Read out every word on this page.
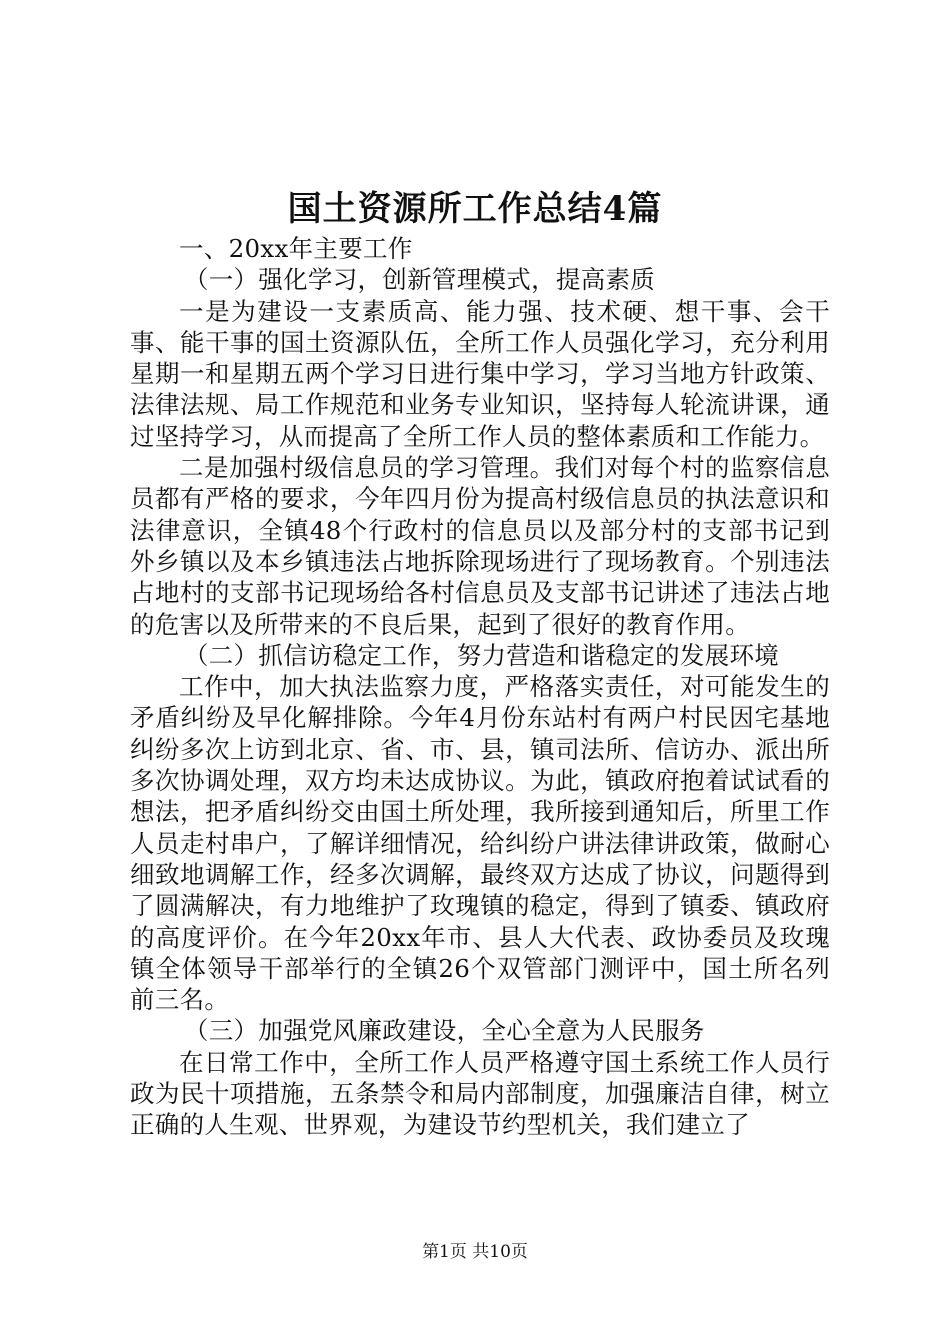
国土资源所工作总结4篇

一、20xx年主要工作

（一）强化学习，创新管理模式，提高素质

一是为建设一支素质高、能力强、技术硬、想干事、会干事、能干事的国土资源队伍，全所工作人员强化学习，充分利用星期一和星期五两个学习日进行集中学习，学习当地方针政策、法律法规、局工作规范和业务专业知识，坚持每人轮流讲课，通过坚持学习，从而提高了全所工作人员的整体素质和工作能力。

二是加强村级信息员的学习管理。我们对每个村的监察信息员都有严格的要求，今年四月份为提高村级信息员的执法意识和法律意识，全镇48个行政村的信息员以及部分村的支部书记到外乡镇以及本乡镇违法占地拆除现场进行了现场教育。个别违法占地村的支部书记现场给各村信息员及支部书记讲述了违法占地的危害以及所带来的不良后果，起到了很好的教育作用。

（二）抓信访稳定工作，努力营造和谐稳定的发展环境

工作中，加大执法监察力度，严格落实责任，对可能发生的矛盾纠纷及早化解排除。今年4月份东站村有两户村民因宅基地纠纷多次上访到北京、省、市、县，镇司法所、信访办、派出所多次协调处理，双方均未达成协议。为此，镇政府抱着试试看的想法，把矛盾纠纷交由国土所处理，我所接到通知后，所里工作人员走村串户，了解详细情况，给纠纷户讲法律讲政策，做耐心细致地调解工作，经多次调解，最终双方达成了协议，问题得到了圆满解决，有力地维护了玫瑰镇的稳定，得到了镇委、镇政府的高度评价。在今年20xx年市、县人大代表、政协委员及玫瑰镇全体领导干部举行的全镇26个双管部门测评中，国土所名列前三名。

（三）加强党风廉政建设，全心全意为人民服务

在日常工作中，全所工作人员严格遵守国土系统工作人员行政为民十项措施，五条禁令和局内部制度，加强廉洁自律，树立正确的人生观、世界观，为建设节约型机关，我们建立了

第1页 共10页
